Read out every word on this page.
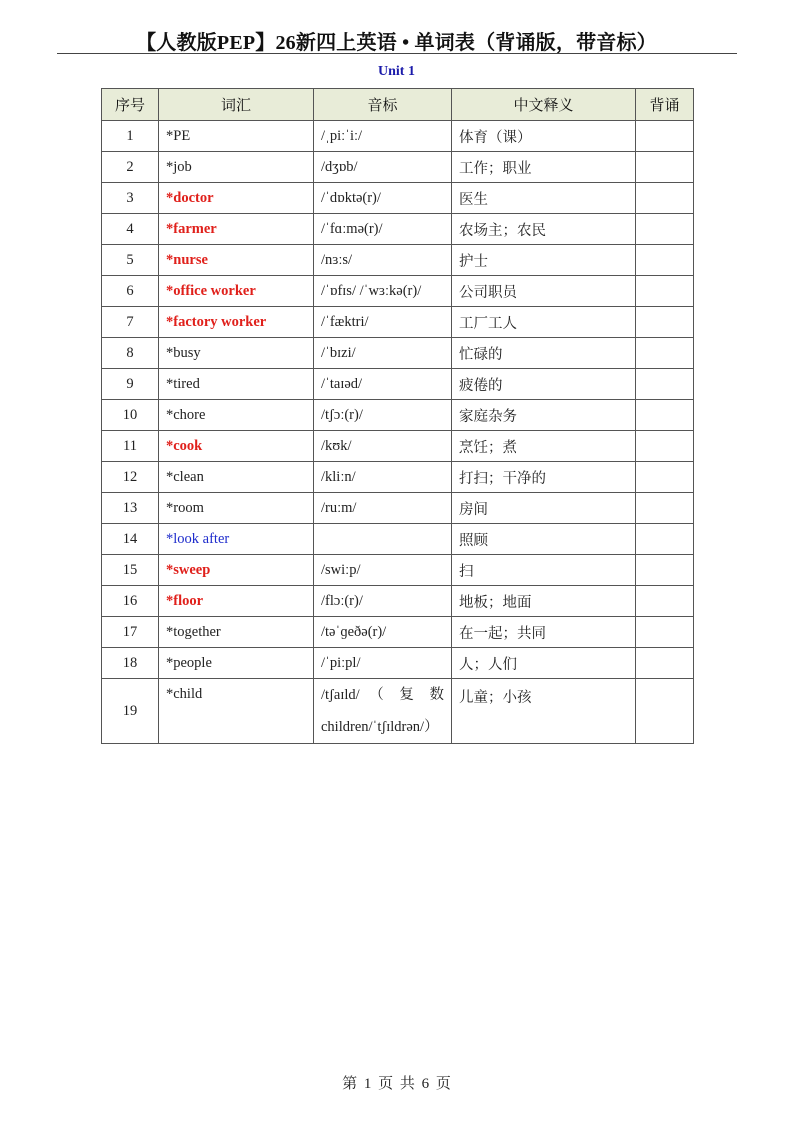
【人教版PEP】26新四上英语 • 单词表（背诵版，带音标）
Unit 1
序号	词汇	音标	中文释义	背诵
1	*PE	/ˌpiːˈiː/	体育（课）	
2	*job	/dʒɒb/	工作；职业	
3	*doctor	/ˈdɒktə(r)/	医生	
4	*farmer	/ˈfɑːmə(r)/	农场主；农民	
5	*nurse	/nɜːs/	护士	
6	*office worker	/ˈɒfɪs/ /ˈwɜːkə(r)/	公司职员	
7	*factory worker	/ˈfæktri/	工厂工人	
8	*busy	/ˈbɪzi/	忙碌的	
9	*tired	/ˈtaɪəd/	疲倦的	
10	*chore	/tʃɔː(r)/	家庭杂务	
11	*cook	/kʊk/	烹饪；煮	
12	*clean	/kliːn/	打扫；干净的	
13	*room	/ruːm/	房间	
14	*look after		照顾	
15	*sweep	/swiːp/	扫	
16	*floor	/flɔː(r)/	地板；地面	
17	*together	/təˈɡeðə(r)/	在一起；共同	
18	*people	/ˈpiːpl/	人；人们	
19	*child	/tʃaɪld/ （ 复 数 children/ˈtʃɪldrən/）	儿童；小孩	
第 1 页 共 6 页
